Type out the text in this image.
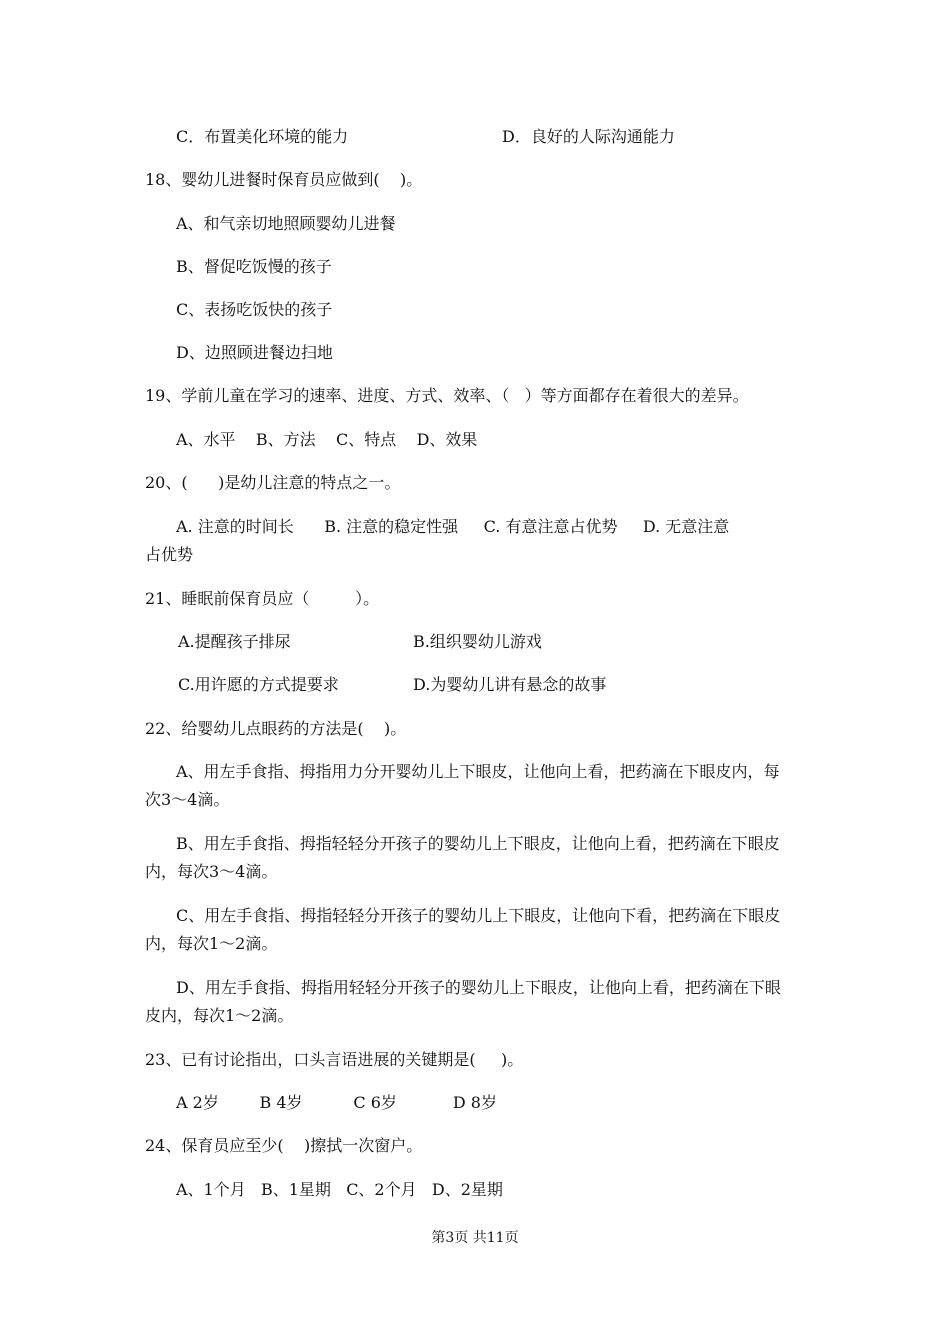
C．布置美化环境的能力	D．良好的人际沟通能力
18、婴幼儿进餐时保育员应做到(    )。
A、和气亲切地照顾婴幼儿进餐
B、督促吃饭慢的孩子
C、表扬吃饭快的孩子
D、边照顾进餐边扫地
19、学前儿童在学习的速率、进度、方式、效率、（   ）等方面都存在着很大的差异。
A、水平    B、方法    C、特点    D、效果
20、(      )是幼儿注意的特点之一。
A. 注意的时间长      B. 注意的稳定性强     C. 有意注意占优势     D. 无意注意
占优势
21、睡眠前保育员应（         ）。
A.提醒孩子排尿	B.组织婴幼儿游戏
C.用许愿的方式提要求	D.为婴幼儿讲有悬念的故事
22、给婴幼儿点眼药的方法是(    )。
A、用左手食指、拇指用力分开婴幼儿上下眼皮，让他向上看，把药滴在下眼皮内，每
次3～4滴。
B、用左手食指、拇指轻轻分开孩子的婴幼儿上下眼皮，让他向上看，把药滴在下眼皮
内，每次3～4滴。
C、用左手食指、拇指轻轻分开孩子的婴幼儿上下眼皮，让他向下看，把药滴在下眼皮
内，每次1～2滴。
D、用左手食指、拇指用轻轻分开孩子的婴幼儿上下眼皮，让他向上看，把药滴在下眼
皮内，每次1～2滴。
23、已有讨论指出，口头言语进展的关键期是(     )。
A 2岁        B 4岁          C 6岁           D 8岁
24、保育员应至少(    )擦拭一次窗户。
A、1个月   B、1星期   C、2个月   D、2星期
第3页 共11页
